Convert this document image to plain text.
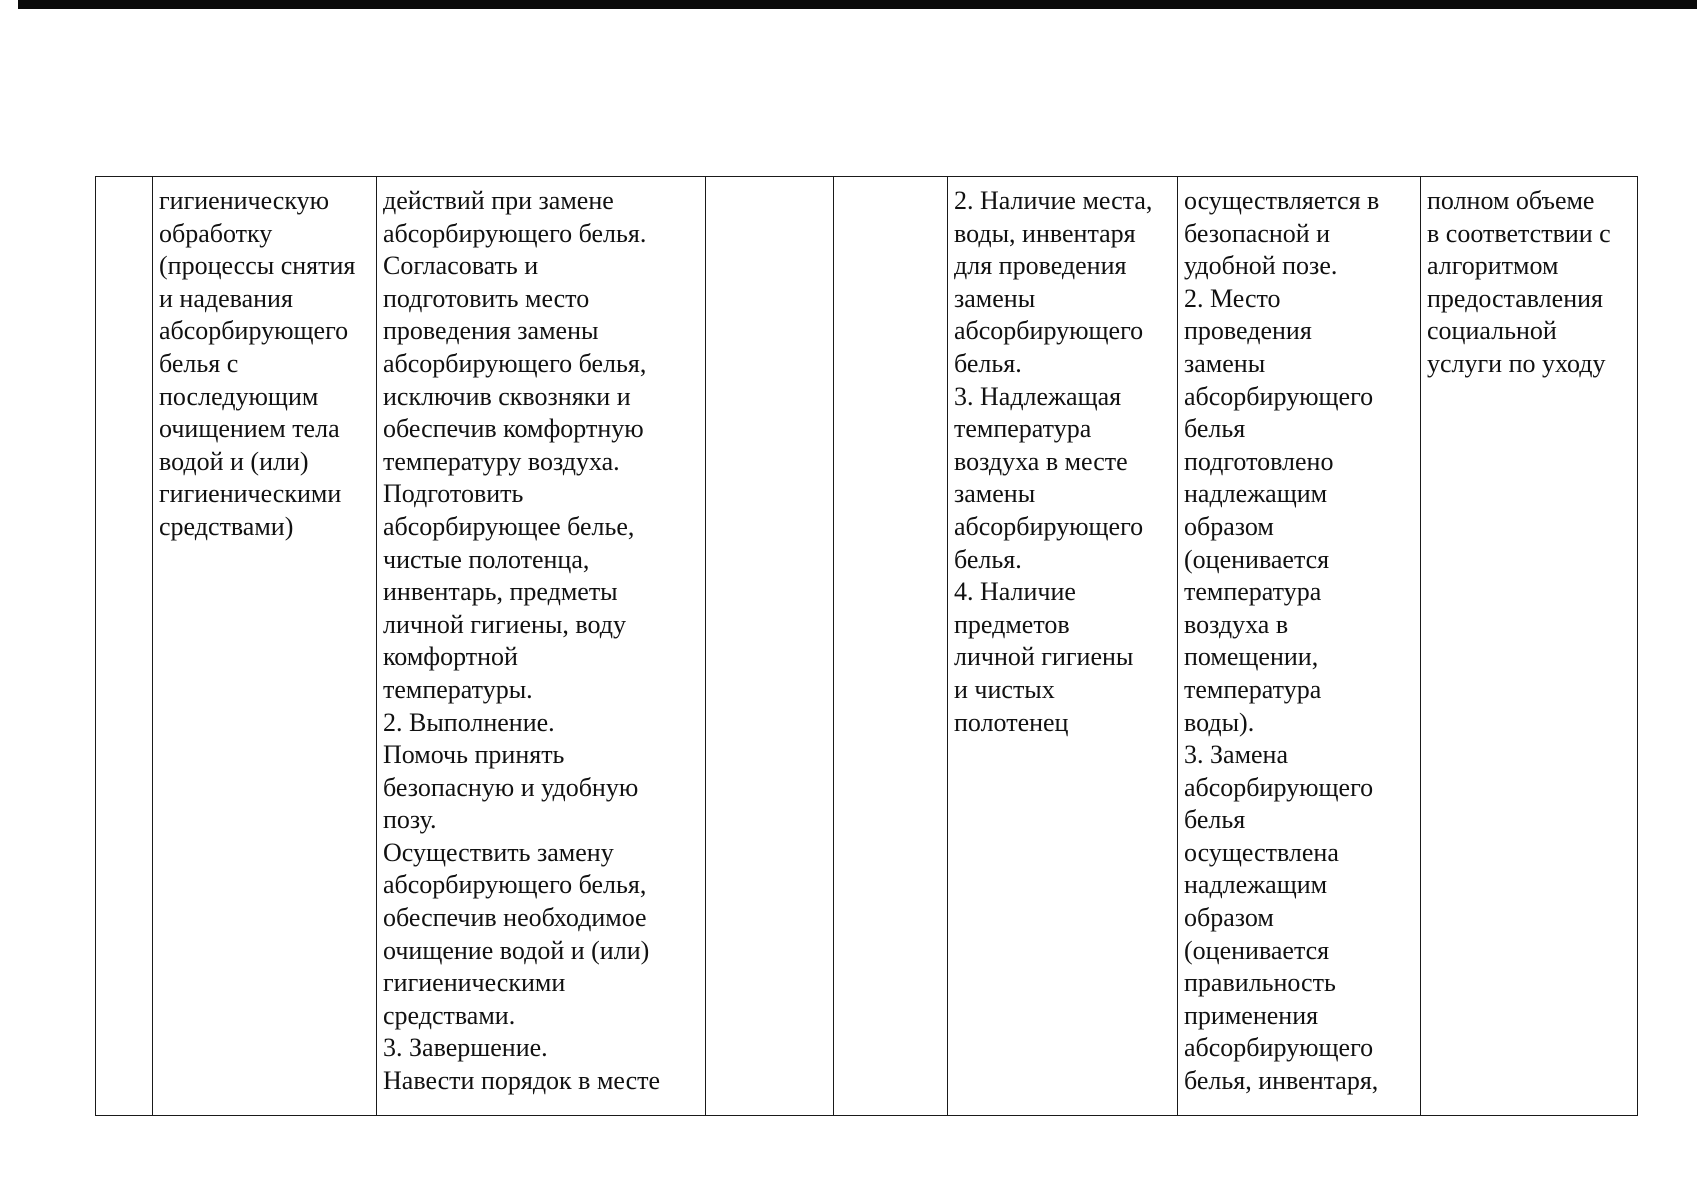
	гигиеническую
обработку
(процессы снятия
и надевания
абсорбирующего
белья с
последующим
очищением тела
водой и (или)
гигиеническими
средствами)	действий при замене
абсорбирующего белья.
Согласовать и
подготовить место
проведения замены
абсорбирующего белья,
исключив сквозняки и
обеспечив комфортную
температуру воздуха.
Подготовить
абсорбирующее белье,
чистые полотенца,
инвентарь, предметы
личной гигиены, воду
комфортной
температуры.
2. Выполнение.
Помочь принять
безопасную и удобную
позу.
Осуществить замену
абсорбирующего белья,
обеспечив необходимое
очищение водой и (или)
гигиеническими
средствами.
3. Завершение.
Навести порядок в месте			2. Наличие места,
воды, инвентаря
для проведения
замены
абсорбирующего
белья.
3. Надлежащая
температура
воздуха в месте
замены
абсорбирующего
белья.
4. Наличие
предметов
личной гигиены
и чистых
полотенец	осуществляется в
безопасной и
удобной позе.
2. Место
проведения
замены
абсорбирующего
белья
подготовлено
надлежащим
образом
(оценивается
температура
воздуха в
помещении,
температура
воды).
3. Замена
абсорбирующего
белья
осуществлена
надлежащим
образом
(оценивается
правильность
применения
абсорбирующего
белья, инвентаря,	полном объеме
в соответствии с
алгоритмом
предоставления
социальной
услуги по уходу
